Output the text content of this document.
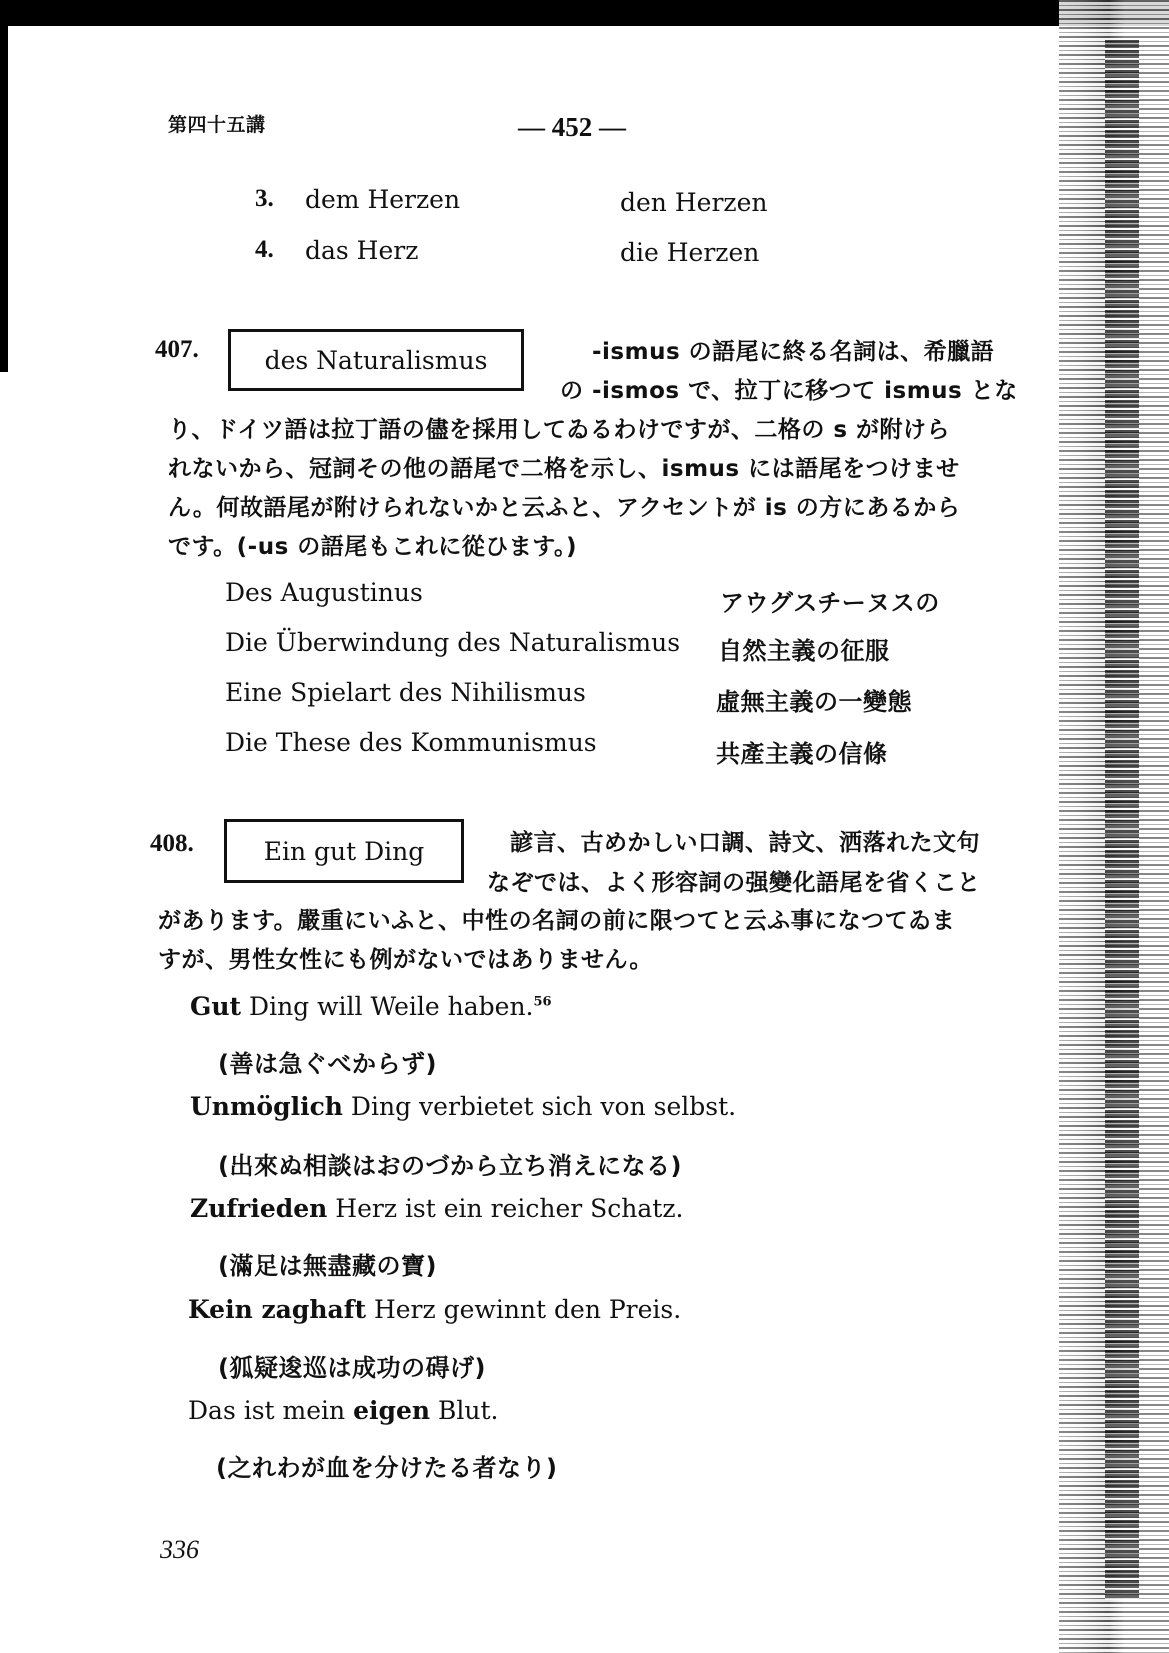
第四十五講	— 452 —
3. dem Herzen	den Herzen
4. das Herz	die Herzen
407.	des Naturalismus	-ismus の語尾に終る名詞は、希臘語
の -ismos で、拉丁に移つて ismus とな
り、ドイツ語は拉丁語の儘を採用してゐるわけですが、二格の s が附けら
れないから、冠詞その他の語尾で二格を示し、ismus には語尾をつけませ
ん。何故語尾が附けられないかと云ふと、アクセントが is の方にあるから
です。(-us の語尾もこれに從ひます。)
Des Augustinus	アウグスチーヌスの
Die Überwindung des Naturalismus 自然主義の征服
Eine Spielart des Nihilismus	虛無主義の一變態
Die These des Kommunismus	共產主義の信條
408.	Ein gut Ding	諺言、古めかしい口調、詩文、洒落れた文句
なぞでは、よく形容詞の强變化語尾を省くこと
があります。嚴重にいふと、中性の名詞の前に限つてと云ふ事になつてゐま
すが、男性女性にも例がないではありません。
Gut Ding will Weile haben.$^{56}$
(善は急ぐべからず)
Unmöglich Ding verbietet sich von selbst.
(出來ぬ相談はおのづから立ち消えになる)
Zufrieden Herz ist ein reicher Schatz.
(滿足は無盡藏の寶)
Kein zaghaft Herz gewinnt den Preis.
(狐疑逡巡は成功の碍げ)
Das ist mein eigen Blut.
(之れわが血を分けたる者なり)
336
